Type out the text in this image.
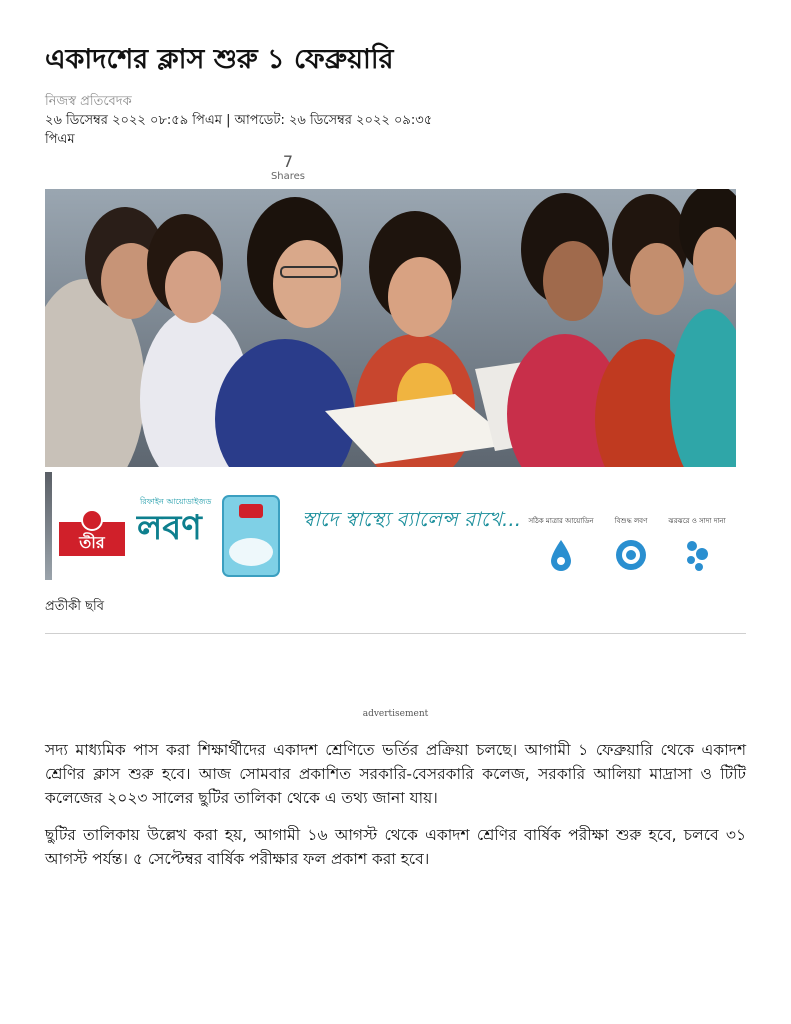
একাদশের ক্লাস শুরু ১ ফেব্রুয়ারি
নিজস্ব প্রতিবেদক
২৬ ডিসেম্বর ২০২২ ০৮:৫৯ পিএম | আপডেট: ২৬ ডিসেম্বর ২০২২ ০৯:৩৫ পিএম
7
Shares
তীর
রিফাইন আয়োডাইজড
লবণ	স্বাদে স্বাস্থ্যে ব্যালেন্স রাখে...	সঠিক মাত্রার আয়োডিন	বিশুদ্ধ লবণ	ঝরঝরে ও সাদা দানা
প্রতীকী ছবি
advertisement

সদ্য মাধ্যমিক পাস করা শিক্ষার্থীদের একাদশ শ্রেণিতে ভর্তির প্রক্রিয়া চলছে। আগামী ১ ফেব্রুয়ারি থেকে একাদশ শ্রেণির ক্লাস শুরু হবে। আজ সোমবার প্রকাশিত সরকারি-বেসরকারি কলেজ, সরকারি আলিয়া মাদ্রাসা ও টিটি কলেজের ২০২৩ সালের ছুটির তালিকা থেকে এ তথ্য জানা যায়।

ছুটির তালিকায় উল্লেখ করা হয়, আগামী ১৬ আগস্ট থেকে একাদশ শ্রেণির বার্ষিক পরীক্ষা শুরু হবে, চলবে ৩১ আগস্ট পর্যন্ত। ৫ সেপ্টেম্বর বার্ষিক পরীক্ষার ফল প্রকাশ করা হবে।
